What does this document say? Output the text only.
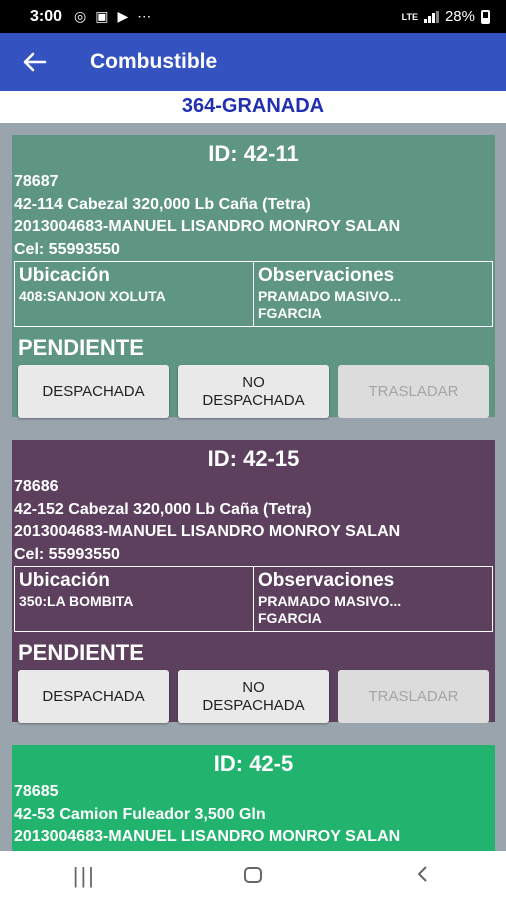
3:00 ◎ ▣ ▶ ⋯	LTE 28%
Combustible
364-GRANADA
ID: 42-11
78687
42-114 Cabezal 320,000 Lb Caña (Tetra)
2013004683-MANUEL LISANDRO MONROY SALAN
Cel: 55993550
Ubicación
408:SANJON XOLUTA
Observaciones
PRAMADO MASIVO...
FGARCIA
PENDIENTE
DESPACHADA
NO
DESPACHADA
TRASLADAR
ID: 42-15
78686
42-152 Cabezal 320,000 Lb Caña (Tetra)
2013004683-MANUEL LISANDRO MONROY SALAN
Cel: 55993550
Ubicación
350:LA BOMBITA
Observaciones
PRAMADO MASIVO...
FGARCIA
PENDIENTE
DESPACHADA
NO
DESPACHADA
TRASLADAR
ID: 42-5
78685
42-53 Camion Fuleador 3,500 Gln
2013004683-MANUEL LISANDRO MONROY SALAN
|||
